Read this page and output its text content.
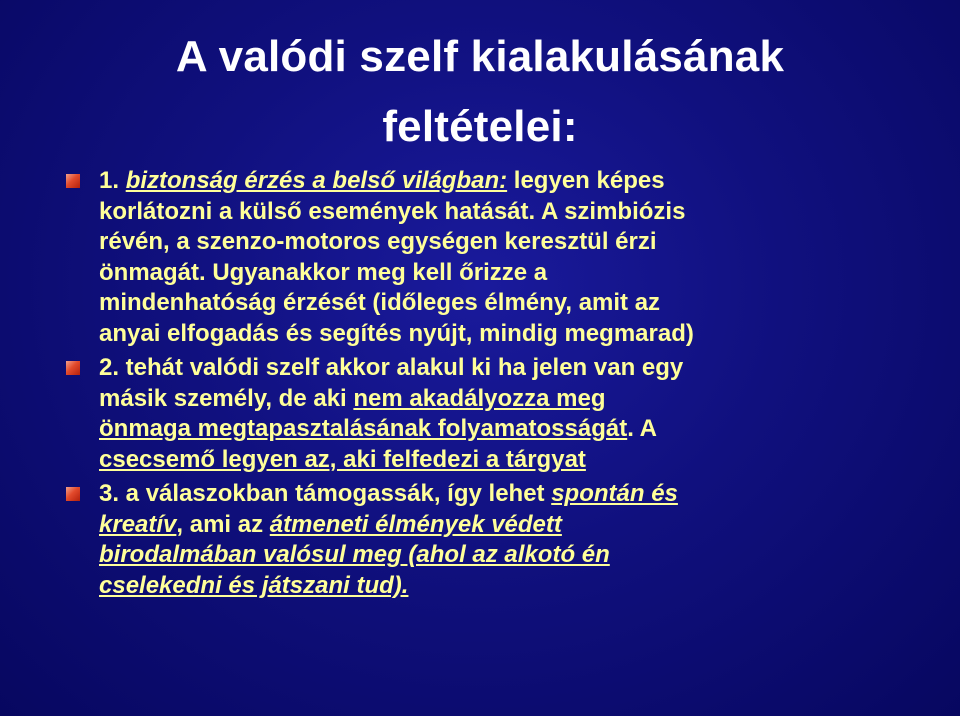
A valódi szelf kialakulásának
feltételei:
1. biztonság érzés a belső világban: legyen képes
korlátozni a külső események hatását. A szimbiózis
révén, a szenzo-motoros egységen keresztül érzi
önmagát. Ugyanakkor meg kell őrizze a
mindenhatóság érzését (időleges élmény, amit az
anyai elfogadás és segítés nyújt, mindig megmarad)
2. tehát valódi szelf akkor alakul ki ha jelen van egy
másik személy, de aki nem akadályozza meg
önmaga megtapasztalásának folyamatosságát. A
csecsemő legyen az, aki felfedezi a tárgyat
3. a válaszokban támogassák, így lehet spontán és
kreatív, ami az átmeneti élmények védett
birodalmában valósul meg (ahol az alkotó én
cselekedni és játszani tud).
